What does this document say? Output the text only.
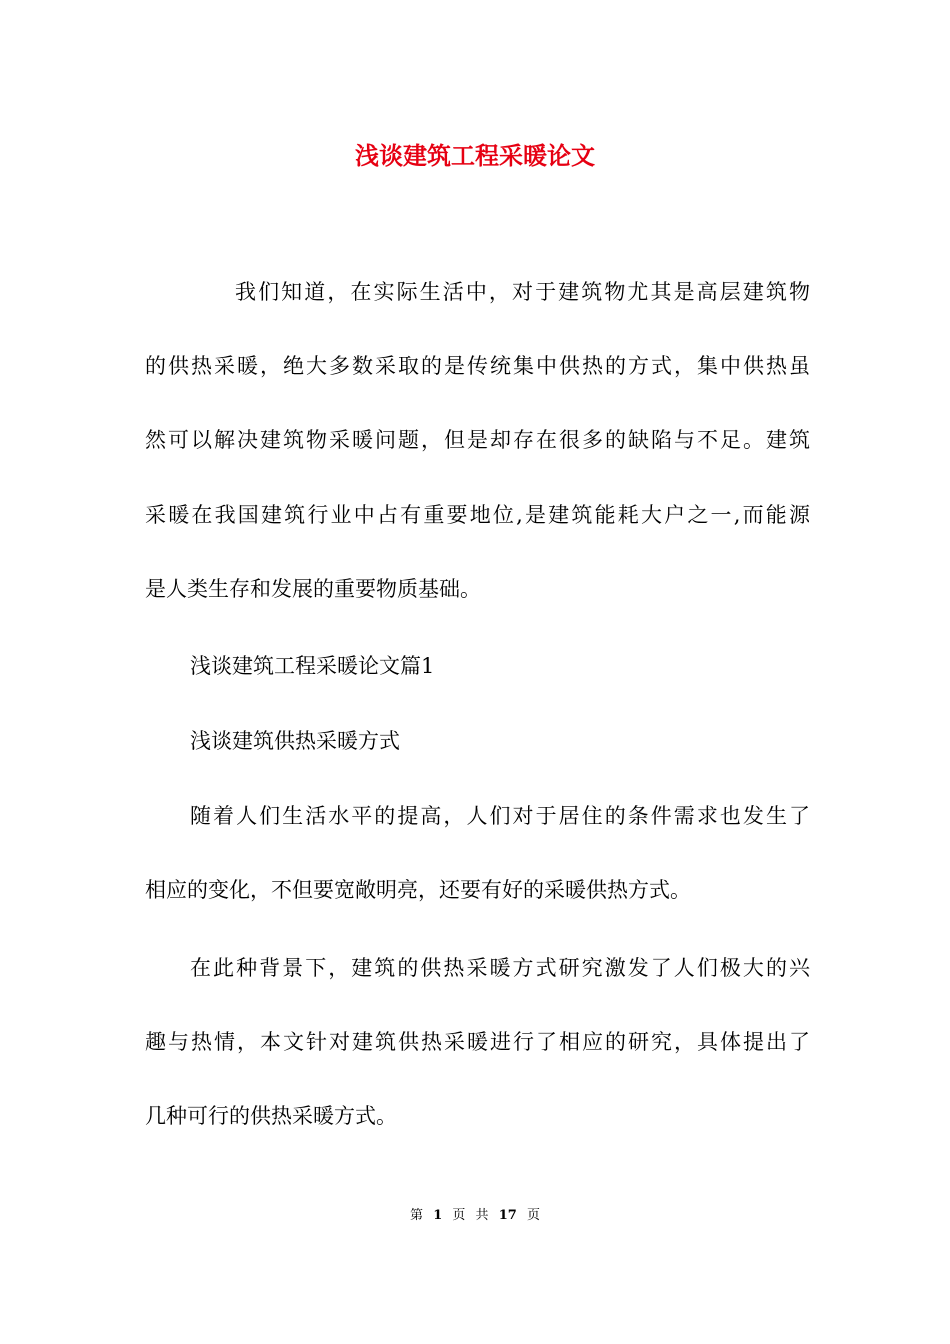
浅谈建筑工程采暖论文

我们知道，在实际生活中，对于建筑物尤其是高层建筑物

的供热采暖，绝大多数采取的是传统集中供热的方式，集中供热虽

然可以解决建筑物采暖问题，但是却存在很多的缺陷与不足。建筑

采暖在我国建筑行业中占有重要地位,是建筑能耗大户之一,而能源

是人类生存和发展的重要物质基础。

浅谈建筑工程采暖论文篇1

浅谈建筑供热采暖方式

随着人们生活水平的提高，人们对于居住的条件需求也发生了

相应的变化，不但要宽敞明亮，还要有好的采暖供热方式。

在此种背景下，建筑的供热采暖方式研究激发了人们极大的兴

趣与热情，本文针对建筑供热采暖进行了相应的研究，具体提出了

几种可行的供热采暖方式。

第 1 页 共 17 页
